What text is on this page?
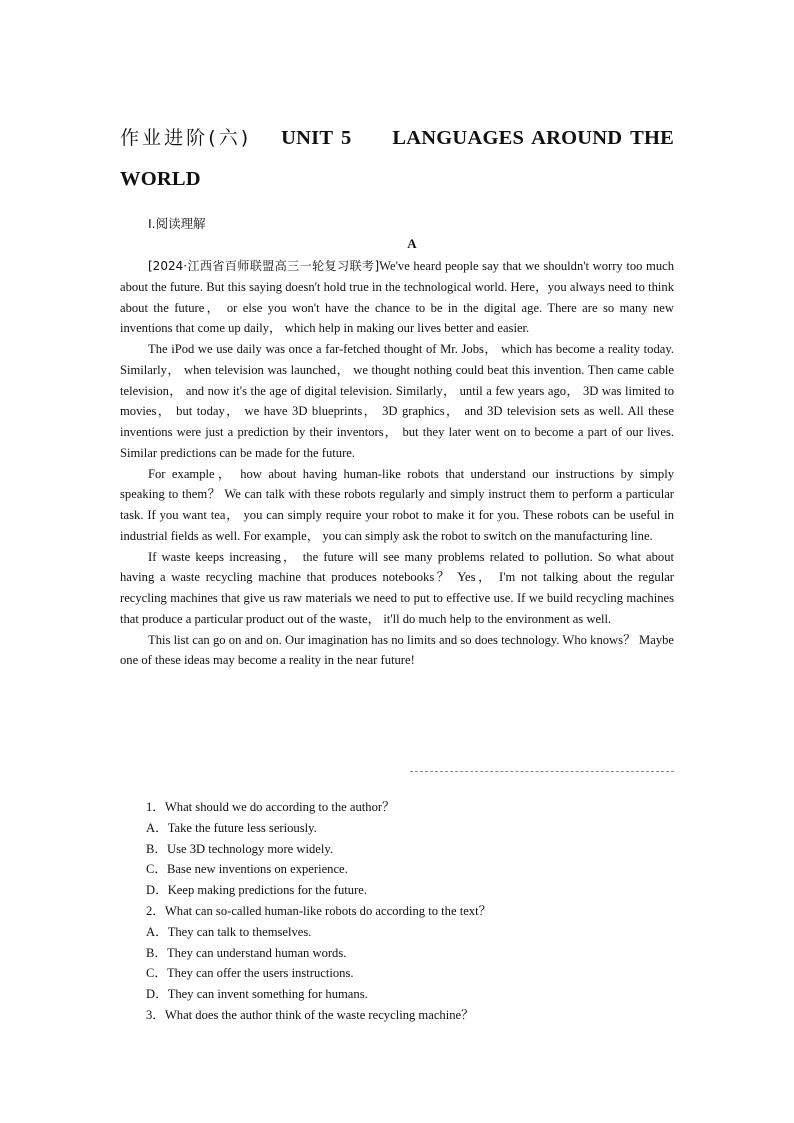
作业进阶(六) UNIT 5 LANGUAGES AROUND THE WORLD
Ⅰ.阅读理解
A

[2024·江西省百师联盟高三一轮复习联考]We've heard people say that we shouldn't worry too much about the future. But this saying doesn't hold true in the technological world. Here，you always need to think about the future， or else you won't have the chance to be in the digital age. There are so many new inventions that come up daily， which help in making our lives better and easier.

The iPod we use daily was once a far-fetched thought of Mr. Jobs， which has become a reality today. Similarly， when television was launched， we thought nothing could beat this invention. Then came cable television， and now it's the age of digital television. Similarly， until a few years ago， 3D was limited to movies， but today， we have 3D blueprints， 3D graphics， and 3D television sets as well. All these inventions were just a prediction by their inventors， but they later went on to become a part of our lives. Similar predictions can be made for the future.

For example， how about having human-like robots that understand our instructions by simply speaking to them？ We can talk with these robots regularly and simply instruct them to perform a particular task. If you want tea， you can simply require your robot to make it for you. These robots can be useful in industrial fields as well. For example， you can simply ask the robot to switch on the manufacturing line.

If waste keeps increasing， the future will see many problems related to pollution. So what about having a waste recycling machine that produces notebooks？ Yes， I'm not talking about the regular recycling machines that give us raw materials we need to put to effective use. If we build recycling machines that produce a particular product out of the waste， it'll do much help to the environment as well.

This list can go on and on. Our imagination has no limits and so does technology. Who knows？ Maybe one of these ideas may become a reality in the near future!

1．What should we do according to the author？

A．Take the future less seriously.

B．Use 3D technology more widely.

C．Base new inventions on experience.

D．Keep making predictions for the future.

2．What can so-called human-like robots do according to the text？

A．They can talk to themselves.

B．They can understand human words.

C．They can offer the users instructions.

D．They can invent something for humans.

3．What does the author think of the waste recycling machine？
